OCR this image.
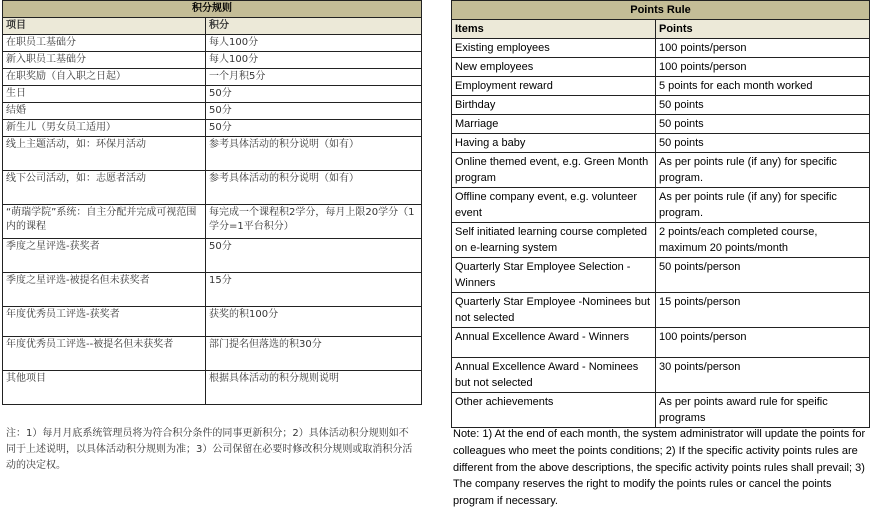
积分规则	
项目	积分
在职员工基础分	每人100分
新入职员工基础分	每人100分
在职奖励（自入职之日起）	一个月积5分
生日	50分
结婚	50分
新生儿（男女员工适用）	50分
线上主题活动，如：环保月活动	参考具体活动的积分说明（如有）
线下公司活动，如：志愿者活动	参考具体活动的积分说明（如有）
“萌瑞学院”系统：自主分配并完成可视范围内的课程	每完成一个课程积2学分，每月上限20学分（1学分=1平台积分）
季度之星评选-获奖者	50分
季度之星评选-被提名但未获奖者	15分
年度优秀员工评选-获奖者	获奖的积100分
年度优秀员工评选--被提名但未获奖者	部门提名但落选的积30分
其他项目	根据具体活动的积分规则说明
Points Rule	
Items	Points
Existing employees	100 points/person
New employees	100 points/person
Employment reward	5 points for each month worked
Birthday	50 points
Marriage	50 points
Having a baby	50 points
Online themed event, e.g. Green Month program	As per points rule (if any) for specific program.
Offline company event, e.g. volunteer event	As per points rule (if any) for specific program.
Self initiated learning course completed on e-learning system	2 points/each completed course, maximum 20 points/month
Quarterly Star Employee Selection - Winners	50 points/person
Quarterly Star Employee -Nominees but not selected	15 points/person
Annual Excellence Award - Winners	100 points/person
Annual Excellence Award - Nominees but not selected	30 points/person
Other achievements	As per points award rule for speific programs
注：1）每月月底系统管理员将为符合积分条件的同事更新积分；2）具体活动积分规则如不同于上述说明，以具体活动积分规则为准；3）公司保留在必要时修改积分规则或取消积分活动的决定权。
Note: 1) At the end of each month, the system administrator will update the points for colleagues who meet the points conditions; 2) If the specific activity points rules are different from the above descriptions, the specific activity points rules shall prevail; 3) The company reserves the right to modify the points rules or cancel the points program if necessary.
